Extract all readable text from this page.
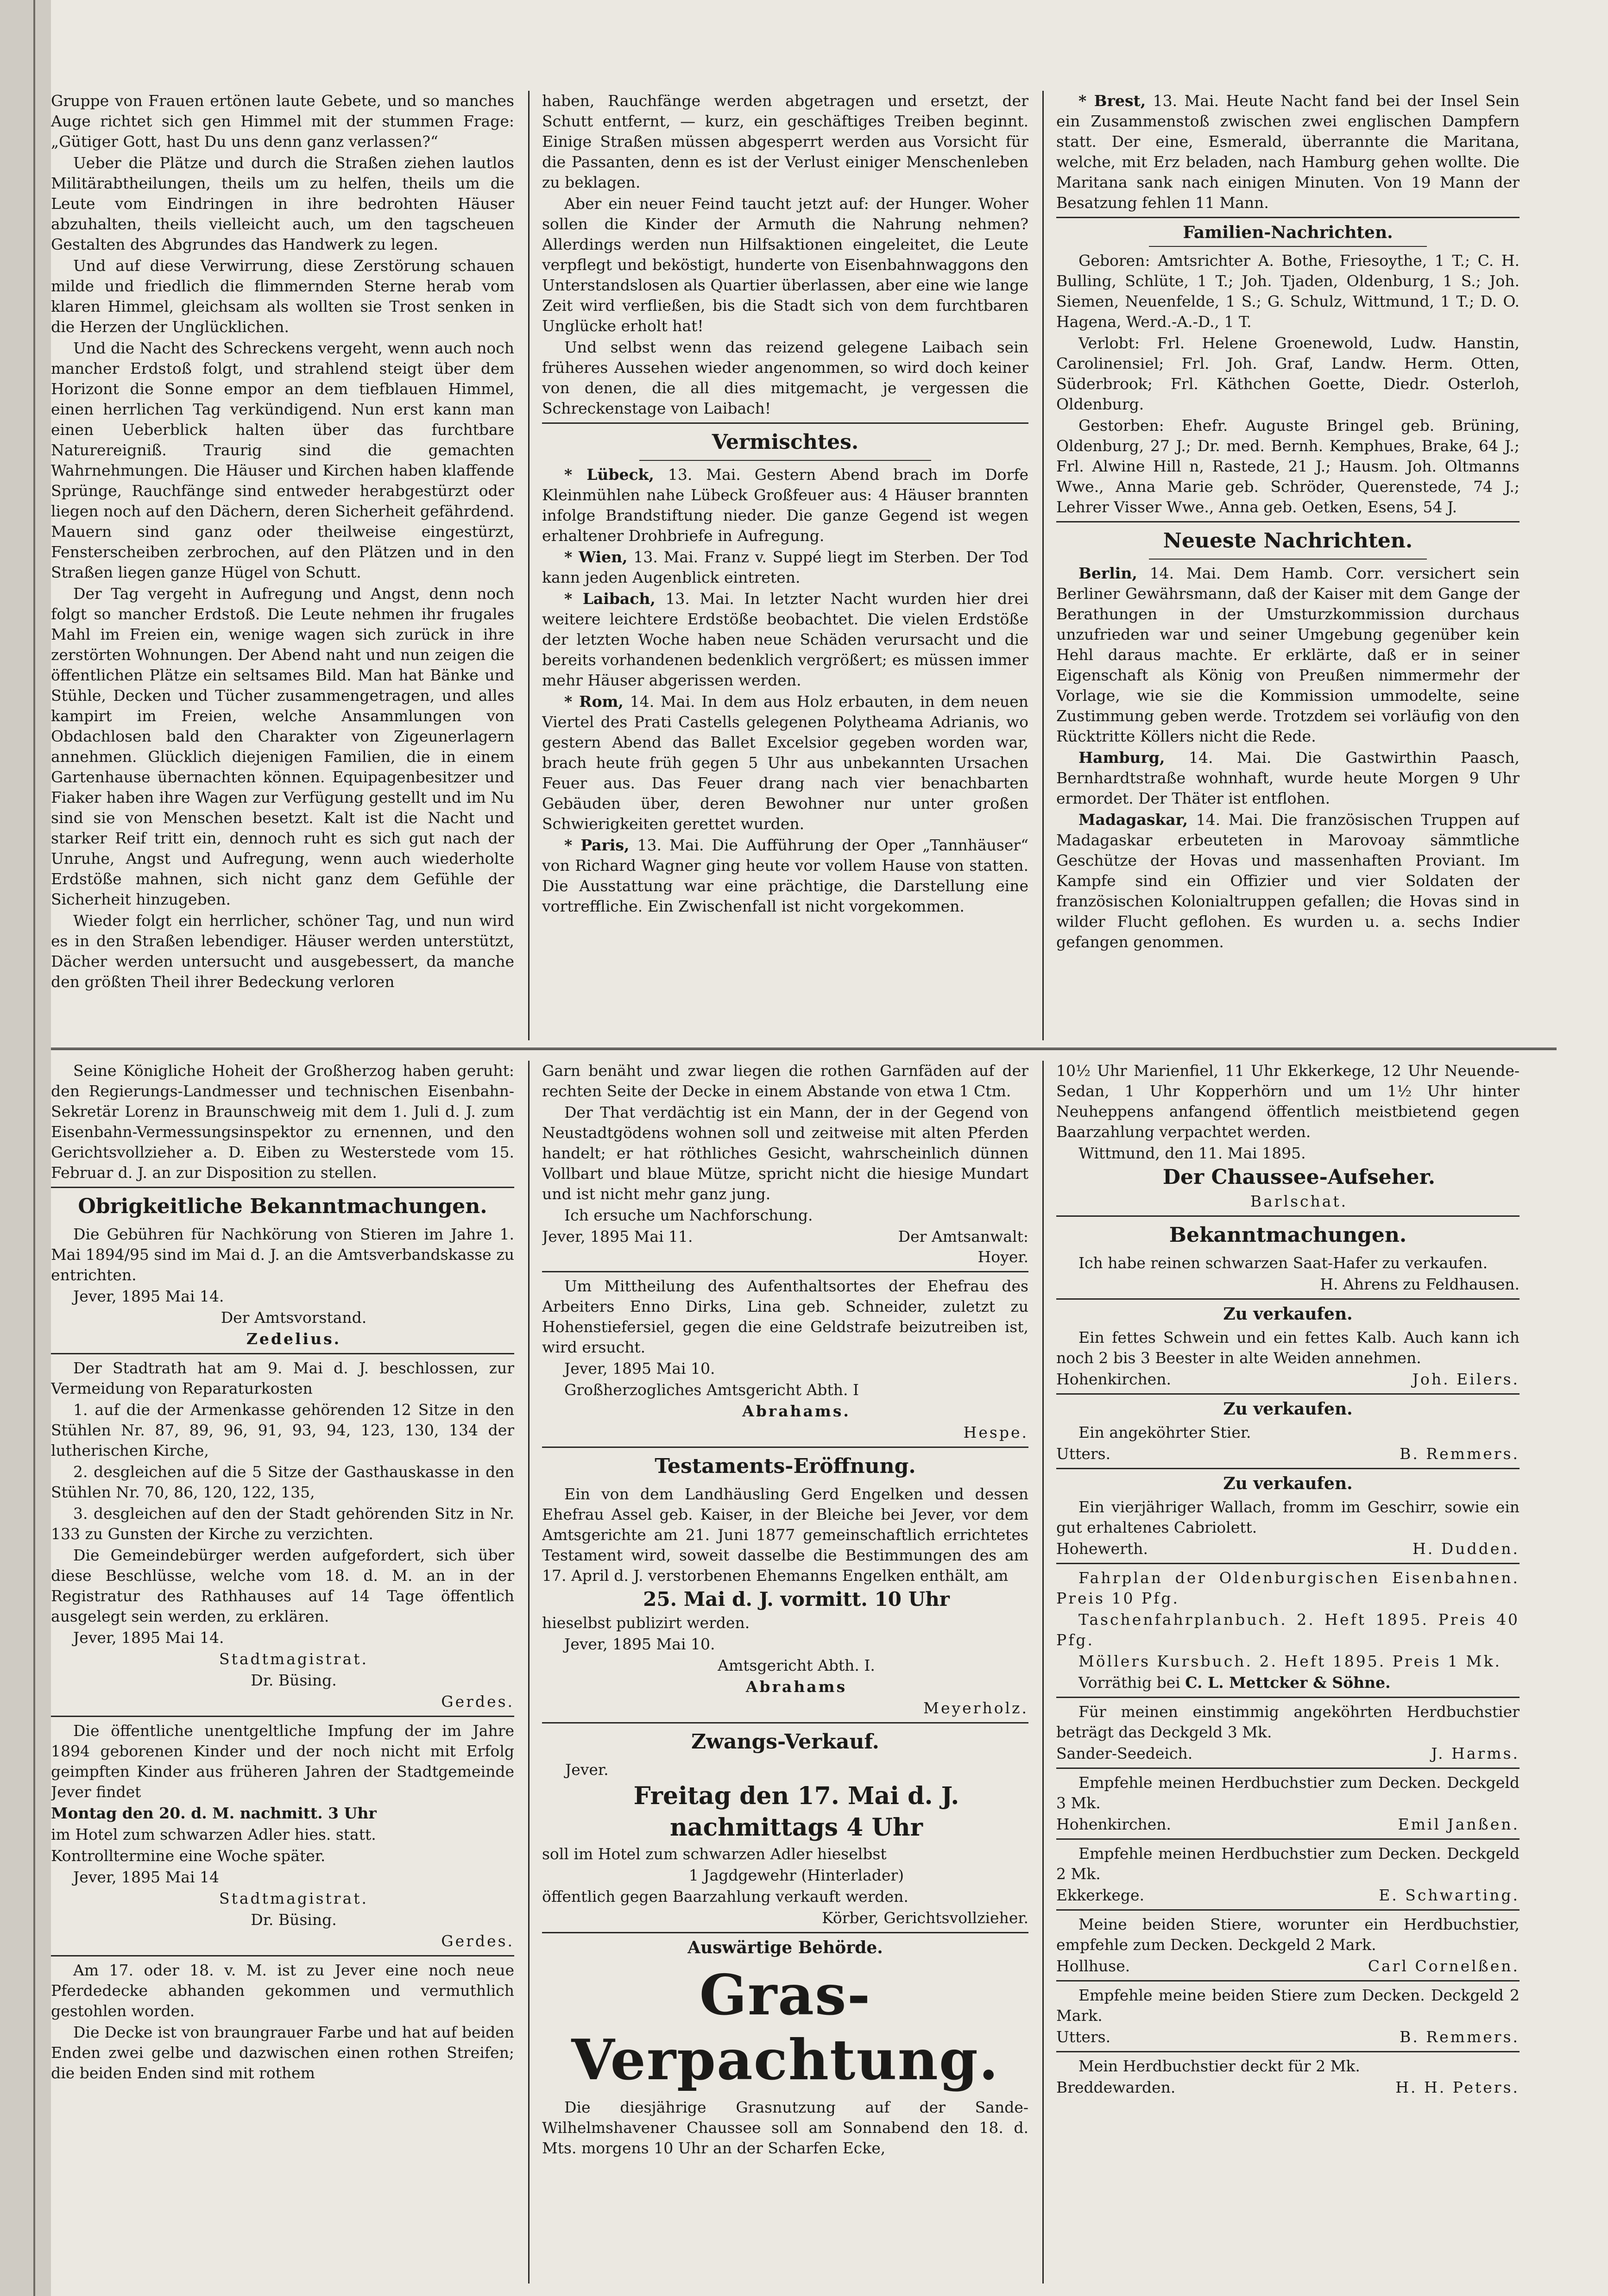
Gruppe von Frauen ertönen laute Gebete, und so manches Auge richtet sich gen Himmel mit der stummen Frage: „Gütiger Gott, hast Du uns denn ganz verlassen?“

Ueber die Plätze und durch die Straßen ziehen lautlos Militärabtheilungen, theils um zu helfen, theils um die Leute vom Eindringen in ihre bedrohten Häuser abzuhalten, theils vielleicht auch, um den tagscheuen Gestalten des Abgrundes das Handwerk zu legen.

Und auf diese Verwirrung, diese Zerstörung schauen milde und friedlich die flimmernden Sterne herab vom klaren Himmel, gleichsam als wollten sie Trost senken in die Herzen der Unglücklichen.

Und die Nacht des Schreckens vergeht, wenn auch noch mancher Erdstoß folgt, und strahlend steigt über dem Horizont die Sonne empor an dem tiefblauen Himmel, einen herrlichen Tag verkündigend. Nun erst kann man einen Ueberblick halten über das furchtbare Naturereigniß. Traurig sind die gemachten Wahrnehmungen. Die Häuser und Kirchen haben klaffende Sprünge, Rauchfänge sind entweder herabgestürzt oder liegen noch auf den Dächern, deren Sicherheit gefährdend. Mauern sind ganz oder theilweise eingestürzt, Fensterscheiben zerbrochen, auf den Plätzen und in den Straßen liegen ganze Hügel von Schutt.

Der Tag vergeht in Aufregung und Angst, denn noch folgt so mancher Erdstoß. Die Leute nehmen ihr frugales Mahl im Freien ein, wenige wagen sich zurück in ihre zerstörten Wohnungen. Der Abend naht und nun zeigen die öffentlichen Plätze ein seltsames Bild. Man hat Bänke und Stühle, Decken und Tücher zusammengetragen, und alles kampirt im Freien, welche Ansammlungen von Obdachlosen bald den Charakter von Zigeunerlagern annehmen. Glücklich diejenigen Familien, die in einem Gartenhause übernachten können. Equipagenbesitzer und Fiaker haben ihre Wagen zur Verfügung gestellt und im Nu sind sie von Menschen besetzt. Kalt ist die Nacht und starker Reif tritt ein, dennoch ruht es sich gut nach der Unruhe, Angst und Aufregung, wenn auch wiederholte Erdstöße mahnen, sich nicht ganz dem Gefühle der Sicherheit hinzugeben.

Wieder folgt ein herrlicher, schöner Tag, und nun wird es in den Straßen lebendiger. Häuser werden unterstützt, Dächer werden untersucht und ausgebessert, da manche den größten Theil ihrer Bedeckung verloren

haben, Rauchfänge werden abgetragen und ersetzt, der Schutt entfernt, — kurz, ein geschäftiges Treiben beginnt. Einige Straßen müssen abgesperrt werden aus Vorsicht für die Passanten, denn es ist der Verlust einiger Menschenleben zu beklagen.

Aber ein neuer Feind taucht jetzt auf: der Hunger. Woher sollen die Kinder der Armuth die Nahrung nehmen? Allerdings werden nun Hilfsaktionen eingeleitet, die Leute verpflegt und beköstigt, hunderte von Eisenbahnwaggons den Unterstandslosen als Quartier überlassen, aber eine wie lange Zeit wird verfließen, bis die Stadt sich von dem furchtbaren Unglücke erholt hat!

Und selbst wenn das reizend gelegene Laibach sein früheres Aussehen wieder angenommen, so wird doch keiner von denen, die all dies mitgemacht, je vergessen die Schreckenstage von Laibach!

Vermischtes.

* Lübeck, 13. Mai. Gestern Abend brach im Dorfe Kleinmühlen nahe Lübeck Großfeuer aus: 4 Häuser brannten infolge Brandstiftung nieder. Die ganze Gegend ist wegen erhaltener Drohbriefe in Aufregung.

* Wien, 13. Mai. Franz v. Suppé liegt im Sterben. Der Tod kann jeden Augenblick eintreten.

* Laibach, 13. Mai. In letzter Nacht wurden hier drei weitere leichtere Erdstöße beobachtet. Die vielen Erdstöße der letzten Woche haben neue Schäden verursacht und die bereits vorhandenen bedenklich vergrößert; es müssen immer mehr Häuser abgerissen werden.

* Rom, 14. Mai. In dem aus Holz erbauten, in dem neuen Viertel des Prati Castells gelegenen Polytheama Adrianis, wo gestern Abend das Ballet Excelsior gegeben worden war, brach heute früh gegen 5 Uhr aus unbekannten Ursachen Feuer aus. Das Feuer drang nach vier benachbarten Gebäuden über, deren Bewohner nur unter großen Schwierigkeiten gerettet wurden.

* Paris, 13. Mai. Die Aufführung der Oper „Tannhäuser“ von Richard Wagner ging heute vor vollem Hause von statten. Die Ausstattung war eine prächtige, die Darstellung eine vortreffliche. Ein Zwischenfall ist nicht vorgekommen.

* Brest, 13. Mai. Heute Nacht fand bei der Insel Sein ein Zusammenstoß zwischen zwei englischen Dampfern statt. Der eine, Esmerald, überrannte die Maritana, welche, mit Erz beladen, nach Hamburg gehen wollte. Die Maritana sank nach einigen Minuten. Von 19 Mann der Besatzung fehlen 11 Mann.

Familien-Nachrichten.

Geboren: Amtsrichter A. Bothe, Friesoythe, 1 T.; C. H. Bulling, Schlüte, 1 T.; Joh. Tjaden, Oldenburg, 1 S.; Joh. Siemen, Neuenfelde, 1 S.; G. Schulz, Wittmund, 1 T.; D. O. Hagena, Werd.-A.-D., 1 T.

Verlobt: Frl. Helene Groenewold, Ludw. Hanstin, Carolinensiel; Frl. Joh. Graf, Landw. Herm. Otten, Süderbrook; Frl. Käthchen Goette, Diedr. Osterloh, Oldenburg.

Gestorben: Ehefr. Auguste Bringel geb. Brüning, Oldenburg, 27 J.; Dr. med. Bernh. Kemphues, Brake, 64 J.; Frl. Alwine Hill n, Rastede, 21 J.; Hausm. Joh. Oltmanns Wwe., Anna Marie geb. Schröder, Querenstede, 74 J.; Lehrer Visser Wwe., Anna geb. Oetken, Esens, 54 J.

Neueste Nachrichten.

Berlin, 14. Mai. Dem Hamb. Corr. versichert sein Berliner Gewährsmann, daß der Kaiser mit dem Gange der Berathungen in der Umsturzkommission durchaus unzufrieden war und seiner Umgebung gegenüber kein Hehl daraus machte. Er erklärte, daß er in seiner Eigenschaft als König von Preußen nimmermehr der Vorlage, wie sie die Kommission ummodelte, seine Zustimmung geben werde. Trotzdem sei vorläufig von den Rücktritte Köllers nicht die Rede.

Hamburg, 14. Mai. Die Gastwirthin Paasch, Bernhardtstraße wohnhaft, wurde heute Morgen 9 Uhr ermordet. Der Thäter ist entflohen.

Madagaskar, 14. Mai. Die französischen Truppen auf Madagaskar erbeuteten in Marovoay sämmtliche Geschütze der Hovas und massenhaften Proviant. Im Kampfe sind ein Offizier und vier Soldaten der französischen Kolonialtruppen gefallen; die Hovas sind in wilder Flucht geflohen. Es wurden u. a. sechs Indier gefangen genommen.

Seine Königliche Hoheit der Großherzog haben geruht: den Regierungs-Landmesser und technischen Eisenbahn-Sekretär Lorenz in Braunschweig mit dem 1. Juli d. J. zum Eisenbahn-Vermessungsinspektor zu ernennen, und den Gerichtsvollzieher a. D. Eiben zu Westerstede vom 15. Februar d. J. an zur Disposition zu stellen.

Obrigkeitliche Bekanntmachungen.

Die Gebühren für Nachkörung von Stieren im Jahre 1. Mai 1894/95 sind im Mai d. J. an die Amtsverbandskasse zu entrichten.

Jever, 1895 Mai 14.

Der Amtsvorstand.

Zedelius.

Der Stadtrath hat am 9. Mai d. J. beschlossen, zur Vermeidung von Reparaturkosten

1. auf die der Armenkasse gehörenden 12 Sitze in den Stühlen Nr. 87, 89, 96, 91, 93, 94, 123, 130, 134 der lutherischen Kirche,

2. desgleichen auf die 5 Sitze der Gasthauskasse in den Stühlen Nr. 70, 86, 120, 122, 135,

3. desgleichen auf den der Stadt gehörenden Sitz in Nr. 133 zu Gunsten der Kirche zu verzichten.

Die Gemeindebürger werden aufgefordert, sich über diese Beschlüsse, welche vom 18. d. M. an in der Registratur des Rathhauses auf 14 Tage öffentlich ausgelegt sein werden, zu erklären.

Jever, 1895 Mai 14.

Stadtmagistrat.

Dr. Büsing.

Gerdes.

Die öffentliche unentgeltliche Impfung der im Jahre 1894 geborenen Kinder und der noch nicht mit Erfolg geimpften Kinder aus früheren Jahren der Stadtgemeinde Jever findet

Montag den 20. d. M. nachmitt. 3 Uhr

im Hotel zum schwarzen Adler hies. statt.

Kontrolltermine eine Woche später.

Jever, 1895 Mai 14

Stadtmagistrat.

Dr. Büsing.

Gerdes.

Am 17. oder 18. v. M. ist zu Jever eine noch neue Pferdedecke abhanden gekommen und vermuthlich gestohlen worden.

Die Decke ist von braungrauer Farbe und hat auf beiden Enden zwei gelbe und dazwischen einen rothen Streifen; die beiden Enden sind mit rothem

Garn benäht und zwar liegen die rothen Garnfäden auf der rechten Seite der Decke in einem Abstande von etwa 1 Ctm.

Der That verdächtig ist ein Mann, der in der Gegend von Neustadtgödens wohnen soll und zeitweise mit alten Pferden handelt; er hat röthliches Gesicht, wahrscheinlich dünnen Vollbart und blaue Mütze, spricht nicht die hiesige Mundart und ist nicht mehr ganz jung.

Ich ersuche um Nachforschung.

Jever, 1895 Mai 11.	Der Amtsanwalt:

Hoyer.

Um Mittheilung des Aufenthaltsortes der Ehefrau des Arbeiters Enno Dirks, Lina geb. Schneider, zuletzt zu Hohenstiefersiel, gegen die eine Geldstrafe beizutreiben ist, wird ersucht.

Jever, 1895 Mai 10.

Großherzogliches Amtsgericht Abth. I

Abrahams.

Hespe.

Testaments-Eröffnung.

Ein von dem Landhäusling Gerd Engelken und dessen Ehefrau Assel geb. Kaiser, in der Bleiche bei Jever, vor dem Amtsgerichte am 21. Juni 1877 gemeinschaftlich errichtetes Testament wird, soweit dasselbe die Bestimmungen des am 17. April d. J. verstorbenen Ehemanns Engelken enthält, am

25. Mai d. J. vormitt. 10 Uhr

hieselbst publizirt werden.

Jever, 1895 Mai 10.

Amtsgericht Abth. I.

Abrahams

Meyerholz.

Zwangs-Verkauf.

Jever.

Freitag den 17. Mai d. J.

nachmittags 4 Uhr

soll im Hotel zum schwarzen Adler hieselbst

1 Jagdgewehr (Hinterlader)

öffentlich gegen Baarzahlung verkauft werden.

Körber, Gerichtsvollzieher.

Auswärtige Behörde.
Gras-Verpachtung.

Die diesjährige Grasnutzung auf der Sande-Wilhelmshavener Chaussee soll am Sonnabend den 18. d. Mts. morgens 10 Uhr an der Scharfen Ecke,

10½ Uhr Marienfiel, 11 Uhr Ekkerkege, 12 Uhr Neuende-Sedan, 1 Uhr Kopperhörn und um 1½ Uhr hinter Neuheppens anfangend öffentlich meistbietend gegen Baarzahlung verpachtet werden.

Wittmund, den 11. Mai 1895.

Der Chaussee-Aufseher.

Barlschat.

Bekanntmachungen.

Ich habe reinen schwarzen Saat-Hafer zu verkaufen.

H. Ahrens zu Feldhausen.

Zu verkaufen.

Ein fettes Schwein und ein fettes Kalb. Auch kann ich noch 2 bis 3 Beester in alte Weiden annehmen.

Hohenkirchen.	Joh. Eilers.
Zu verkaufen.

Ein angeköhrter Stier.

Utters.	B. Remmers.
Zu verkaufen.

Ein vierjähriger Wallach, fromm im Geschirr, sowie ein gut erhaltenes Cabriolett.

Hohewerth.	H. Dudden.

Fahrplan der Oldenburgischen Eisenbahnen. Preis 10 Pfg.

Taschenfahrplanbuch. 2. Heft 1895. Preis 40 Pfg.

Möllers Kursbuch. 2. Heft 1895. Preis 1 Mk.

Vorräthig bei C. L. Mettcker & Söhne.

Für meinen einstimmig angeköhrten Herdbuchstier beträgt das Deckgeld 3 Mk.

Sander-Seedeich.	J. Harms.

Empfehle meinen Herdbuchstier zum Decken. Deckgeld 3 Mk.

Hohenkirchen.	Emil Janßen.

Empfehle meinen Herdbuchstier zum Decken. Deckgeld 2 Mk.

Ekkerkege.	E. Schwarting.

Meine beiden Stiere, worunter ein Herdbuchstier, empfehle zum Decken. Deckgeld 2 Mark.

Hollhuse.	Carl Cornelßen.

Empfehle meine beiden Stiere zum Decken. Deckgeld 2 Mark.

Utters.	B. Remmers.

Mein Herdbuchstier deckt für 2 Mk.

Breddewarden.	H. H. Peters.
